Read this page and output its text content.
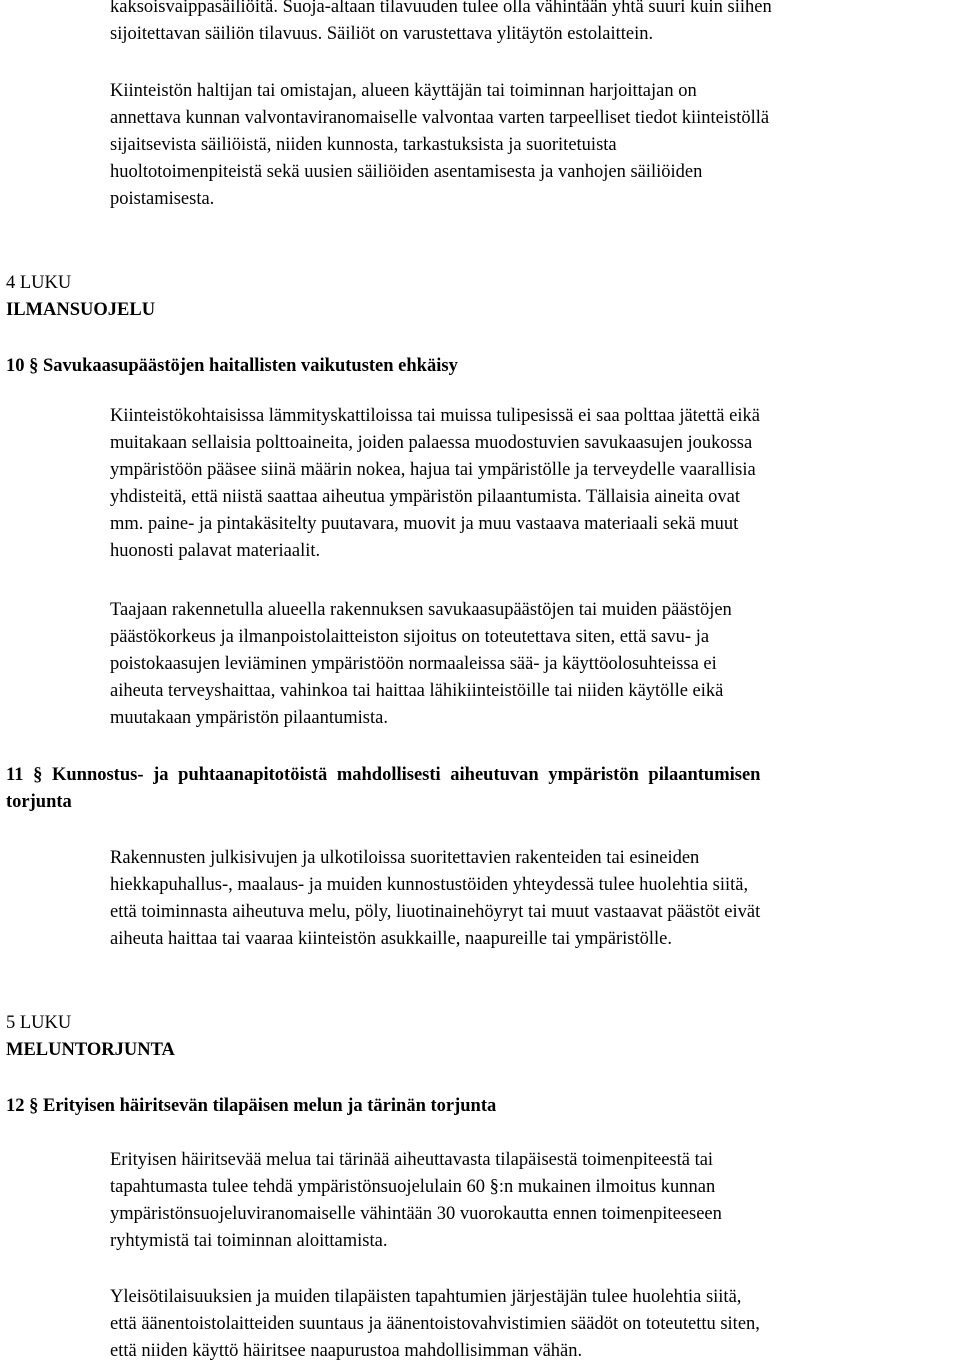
kaksoisvaippasäiliöitä. Suoja-altaan tilavuuden tulee olla vähintään yhtä suuri kuin siihen

sijoitettavan säiliön tilavuus. Säiliöt on varustettava ylitäytön estolaittein.

Kiinteistön haltijan tai omistajan, alueen käyttäjän tai toiminnan harjoittajan on

annettava kunnan valvontaviranomaiselle valvontaa varten tarpeelliset tiedot kiinteistöllä

sijaitsevista säiliöistä, niiden kunnosta, tarkastuksista ja suoritetuista

huoltotoimenpiteistä sekä uusien säiliöiden asentamisesta ja vanhojen säiliöiden

poistamisesta.

4 LUKU

ILMANSUOJELU

10 § Savukaasupäästöjen haitallisten vaikutusten ehkäisy

Kiinteistökohtaisissa lämmityskattiloissa tai muissa tulipesissä ei saa polttaa jätettä eikä

muitakaan sellaisia polttoaineita, joiden palaessa muodostuvien savukaasujen joukossa

ympäristöön pääsee siinä määrin nokea, hajua tai ympäristölle ja terveydelle vaarallisia

yhdisteitä, että niistä saattaa aiheutua ympäristön pilaantumista. Tällaisia aineita ovat

mm. paine- ja pintakäsitelty puutavara, muovit ja muu vastaava materiaali sekä muut

huonosti palavat materiaalit.

Taajaan rakennetulla alueella rakennuksen savukaasupäästöjen tai muiden päästöjen

päästökorkeus ja ilmanpoistolaitteiston sijoitus on toteutettava siten, että savu- ja

poistokaasujen leviäminen ympäristöön normaaleissa sää- ja käyttöolosuhteissa ei

aiheuta terveyshaittaa, vahinkoa tai haittaa lähikiinteistöille tai niiden käytölle eikä

muutakaan ympäristön pilaantumista.

11 § Kunnostus- ja puhtaanapitotöistä mahdollisesti aiheutuvan ympäristön pilaantumisen

torjunta

Rakennusten julkisivujen ja ulkotiloissa suoritettavien rakenteiden tai esineiden

hiekkapuhallus-, maalaus- ja muiden kunnostustöiden yhteydessä tulee huolehtia siitä,

että toiminnasta aiheutuva melu, pöly, liuotinainehöyryt tai muut vastaavat päästöt eivät

aiheuta haittaa tai vaaraa kiinteistön asukkaille, naapureille tai ympäristölle.

5 LUKU

MELUNTORJUNTA

12 § Erityisen häiritsevän tilapäisen melun ja tärinän torjunta

Erityisen häiritsevää melua tai tärinää aiheuttavasta tilapäisestä toimenpiteestä tai

tapahtumasta tulee tehdä ympäristönsuojelulain 60 §:n mukainen ilmoitus kunnan

ympäristönsuojeluviranomaiselle vähintään 30 vuorokautta ennen toimenpiteeseen

ryhtymistä tai toiminnan aloittamista.

Yleisötilaisuuksien ja muiden tilapäisten tapahtumien järjestäjän tulee huolehtia siitä,

että äänentoistolaitteiden suuntaus ja äänentoistovahvistimien säädöt on toteutettu siten,

että niiden käyttö häiritsee naapurustoa mahdollisimman vähän.
